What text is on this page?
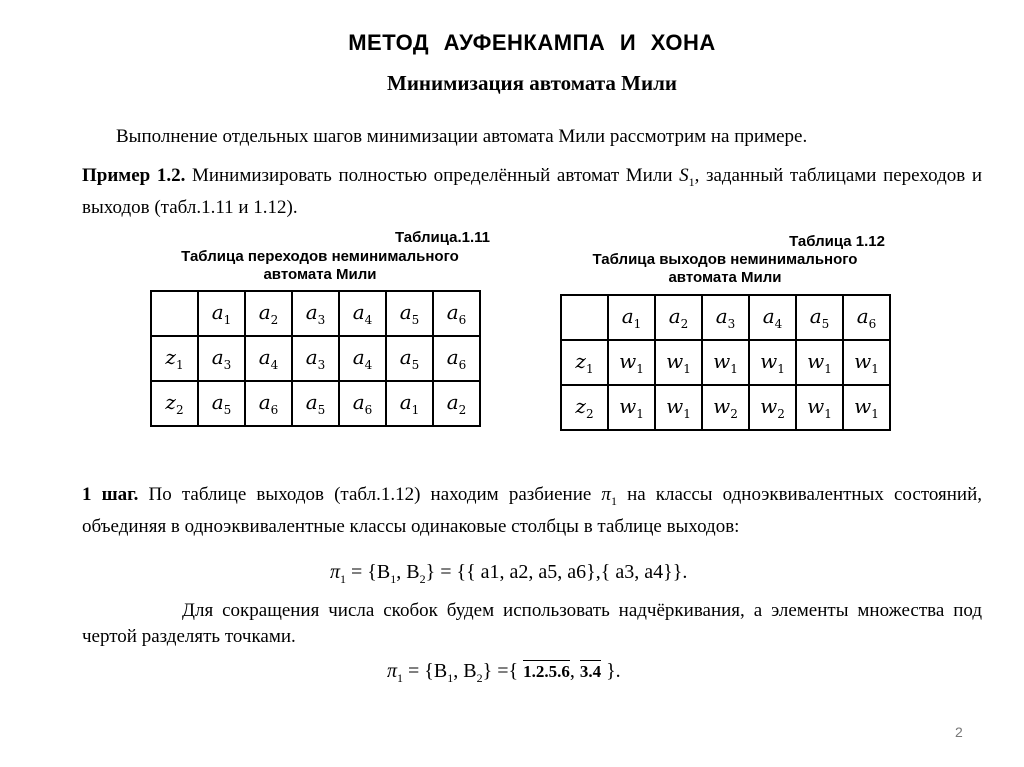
МЕТОД АУФЕНКАМПА И ХОНА
Минимизация автомата Мили
Выполнение отдельных шагов минимизации автомата Мили рассмотрим на примере.
Пример 1.2. Минимизировать полностью определённый автомат Мили $S_1$, заданный таблицами переходов и выходов (табл.1.11 и 1.12).
Таблица.1.11
Таблица переходов неминимального
автомата Мили
	$a_1$	$a_2$	$a_3$	$a_4$	$a_5$	$a_6$
$z_1$	$a_3$	$a_4$	$a_3$	$a_4$	$a_5$	$a_6$
$z_2$	$a_5$	$a_6$	$a_5$	$a_6$	$a_1$	$a_2$
Таблица 1.12
Таблица выходов неминимального
автомата Мили
	$a_1$	$a_2$	$a_3$	$a_4$	$a_5$	$a_6$
$z_1$	$w_1$	$w_1$	$w_1$	$w_1$	$w_1$	$w_1$
$z_2$	$w_1$	$w_1$	$w_2$	$w_2$	$w_1$	$w_1$
1 шаг. По таблице выходов (табл.1.12) находим разбиение $\pi_1$ на классы одноэквивалентных состояний, объединяя в одноэквивалентные классы одинаковые столбцы в таблице выходов:
$\pi_1 = \{B_1$, $B_2$} = {{ a1, a2, a5, a6},{ a3, a4}}.
Для сокращения числа скобок будем использовать надчёркивания, а элементы множества под чертой разделять точками.
$\pi_1 = \{B_1$, $B_2$} ={ 1.2.5.6, 3.4 }.
2
